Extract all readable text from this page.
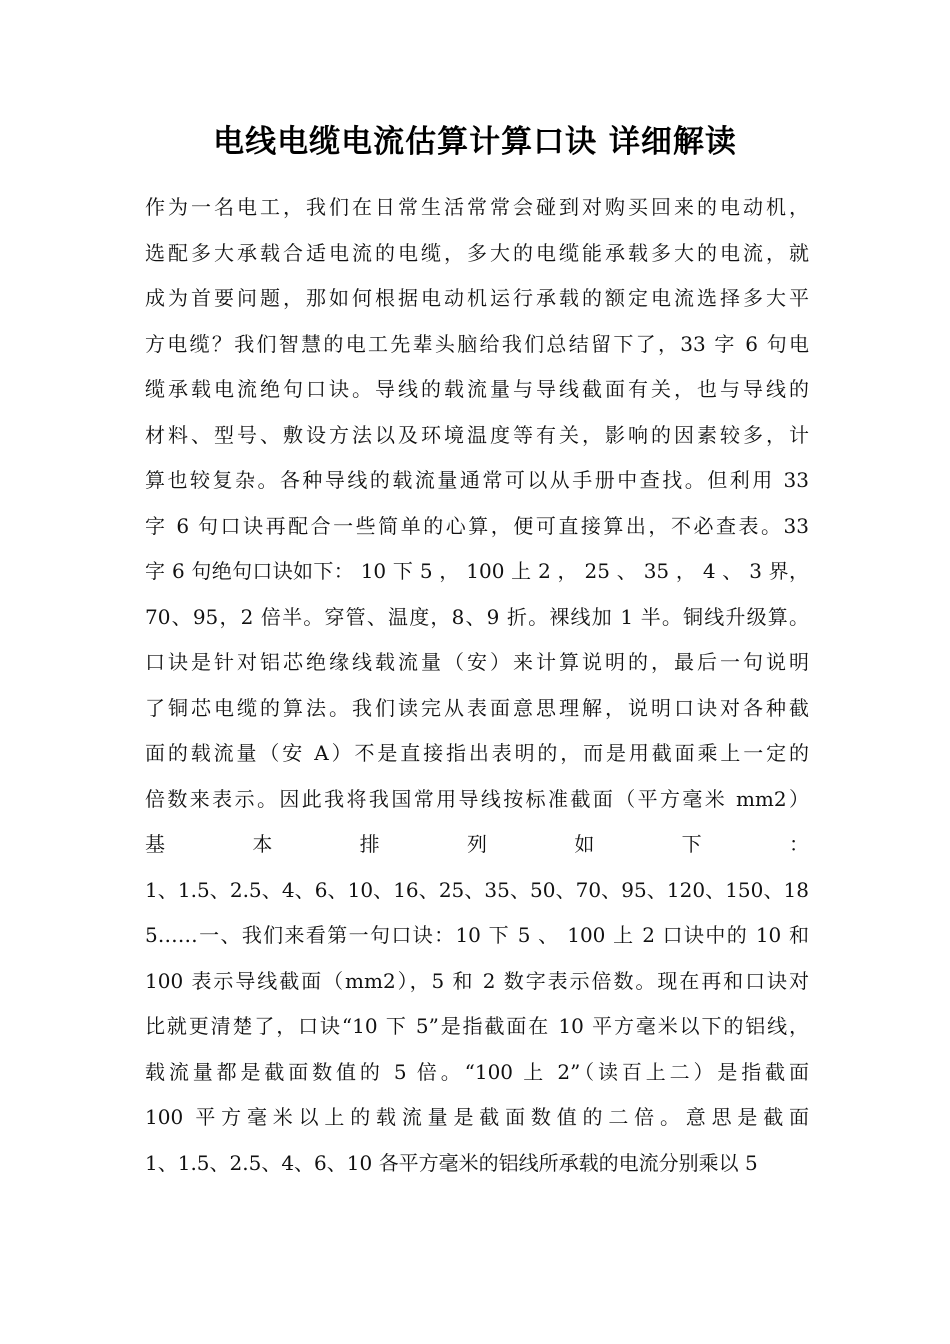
电线电缆电流估算计算口诀 详细解读
作为一名电工，我们在日常生活常常会碰到对购买回来的电动机，
选配多大承载合适电流的电缆，多大的电缆能承载多大的电流，就
成为首要问题，那如何根据电动机运行承载的额定电流选择多大平
方电缆？我们智慧的电工先辈头脑给我们总结留下了，33 字 6 句电
缆承载电流绝句口诀。导线的载流量与导线截面有关，也与导线的
材料、型号、敷设方法以及环境温度等有关，影响的因素较多，计
算也较复杂。各种导线的载流量通常可以从手册中查找。但利用 33
字 6 句口诀再配合一些简单的心算，便可直接算出，不必查表。33
字 6 句绝句口诀如下： 10 下 5 ， 100 上 2 ， 25 、 35 ， 4 、 3 界，
70、95，2 倍半。穿管、温度，8、9 折。裸线加 1 半。铜线升级算。
口诀是针对铝芯绝缘线载流量（安）来计算说明的，最后一句说明
了铜芯电缆的算法。我们读完从表面意思理解，说明口诀对各种截
面的载流量（安 A）不是直接指出表明的，而是用截面乘上一定的
倍数来表示。因此我将我国常用导线按标准截面（平方毫米 mm2）
基 本 排 列 如 下 ：
1、1.5、2.5、4、6、10、16、25、35、50、70、95、120、150、18
5……一、我们来看第一句口诀：10 下 5 、 100 上 2 口诀中的 10 和
100 表示导线截面（mm2），5 和 2 数字表示倍数。现在再和口诀对
比就更清楚了，口诀“10 下 5”是指截面在 10 平方毫米以下的铝线，
载流量都是截面数值的 5 倍。“100 上 2”（读百上二）是指截面
100 平方毫米以上的载流量是截面数值的二倍。意思是截面
1、1.5、2.5、4、6、10 各平方毫米的铝线所承载的电流分别乘以 5
